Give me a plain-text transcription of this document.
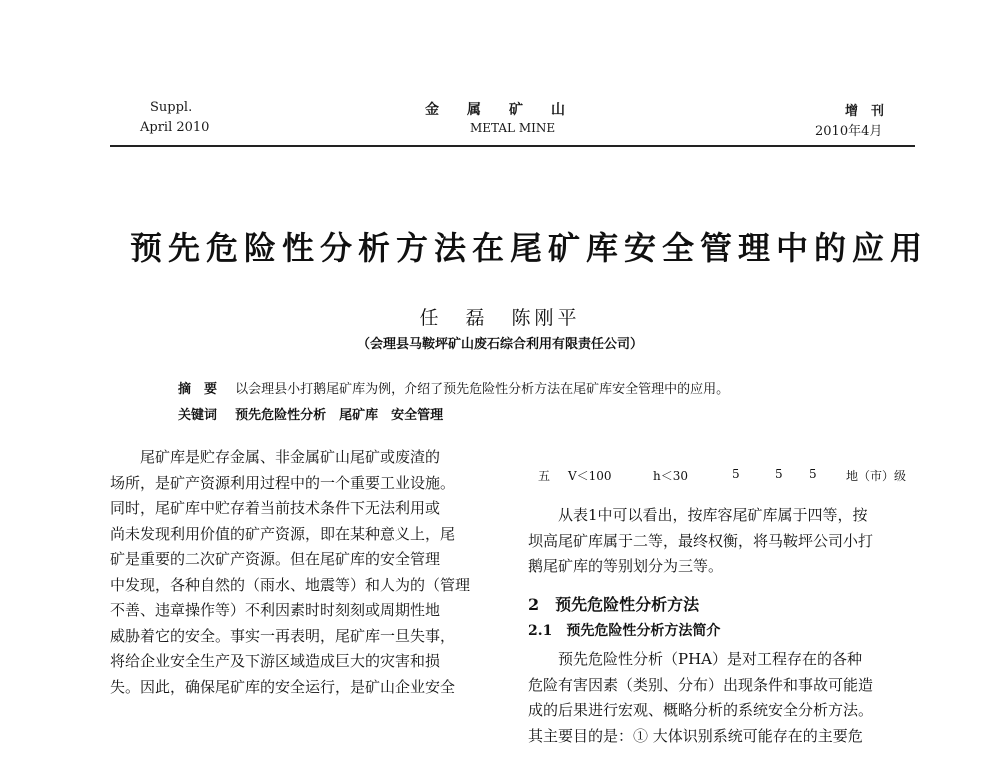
Suppl.
April 2010
金　　属　　矿　　山
METAL MINE
增　刊
2010年4月
预先危险性分析方法在尾矿库安全管理中的应用
任　磊　陈刚平
（会理县马鞍坪矿山废石综合利用有限责任公司）
摘　要 以会理县小打鹅尾矿库为例，介绍了预先危险性分析方法在尾矿库安全管理中的应用。
关键词 预先危险性分析　尾矿库　安全管理

　　尾矿库是贮存金属、非金属矿山尾矿或废渣的

场所，是矿产资源利用过程中的一个重要工业设施。

同时，尾矿库中贮存着当前技术条件下无法利用或

尚未发现利用价值的矿产资源，即在某种意义上，尾

矿是重要的二次矿产资源。但在尾矿库的安全管理

中发现，各种自然的（雨水、地震等）和人为的（管理

不善、违章操作等）不利因素时时刻刻或周期性地

威胁着它的安全。事实一再表明，尾矿库一旦失事，

将给企业安全生产及下游区域造成巨大的灾害和损

失。因此，确保尾矿库的安全运行，是矿山企业安全

五 V＜100	h＜30	5	5 5 地（市）级

　　从表1中可以看出，按库容尾矿库属于四等，按

坝高尾矿库属于二等，最终权衡，将马鞍坪公司小打

鹅尾矿库的等别划分为三等。

2　预先危险性分析方法
2.1　预先危险性分析方法简介

　　预先危险性分析（PHA）是对工程存在的各种

危险有害因素（类别、分布）出现条件和事故可能造

成的后果进行宏观、概略分析的系统安全分析方法。

其主要目的是：① 大体识别系统可能存在的主要危
